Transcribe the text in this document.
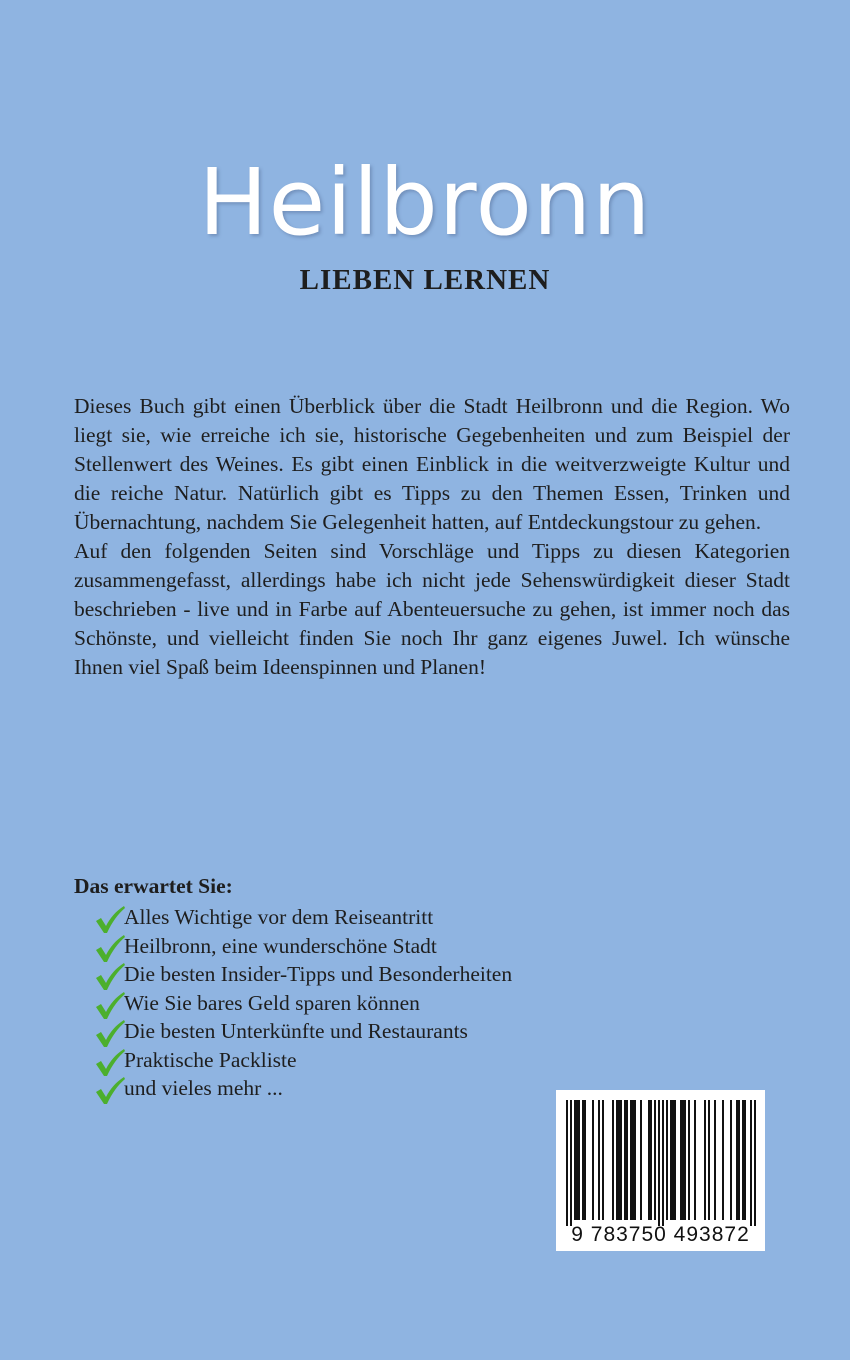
Heilbronn
LIEBEN LERNEN

Dieses Buch gibt einen Überblick über die Stadt Heilbronn und die Region. Wo liegt sie, wie erreiche ich sie, historische Gegebenheiten und zum Beispiel der Stellenwert des Weines. Es gibt einen Einblick in die weitverzweigte Kultur und die reiche Natur. Natürlich gibt es Tipps zu den Themen Essen, Trinken und Übernachtung, nachdem Sie Gelegenheit hatten, auf Entdeckungstour zu gehen.

Auf den folgenden Seiten sind Vorschläge und Tipps zu diesen Kategorien zusammengefasst, allerdings habe ich nicht jede Sehenswürdigkeit dieser Stadt beschrieben - live und in Farbe auf Abenteuersuche zu gehen, ist immer noch das Schönste, und vielleicht finden Sie noch Ihr ganz eigenes Juwel. Ich wünsche Ihnen viel Spaß beim Ideenspinnen und Planen!

Das erwartet Sie:
Alles Wichtige vor dem Reiseantritt
Heilbronn, eine wunderschöne Stadt
Die besten Insider-Tipps und Besonderheiten
Wie Sie bares Geld sparen können
Die besten Unterkünfte und Restaurants
Praktische Packliste
und vieles mehr ...
9 783750 493872
